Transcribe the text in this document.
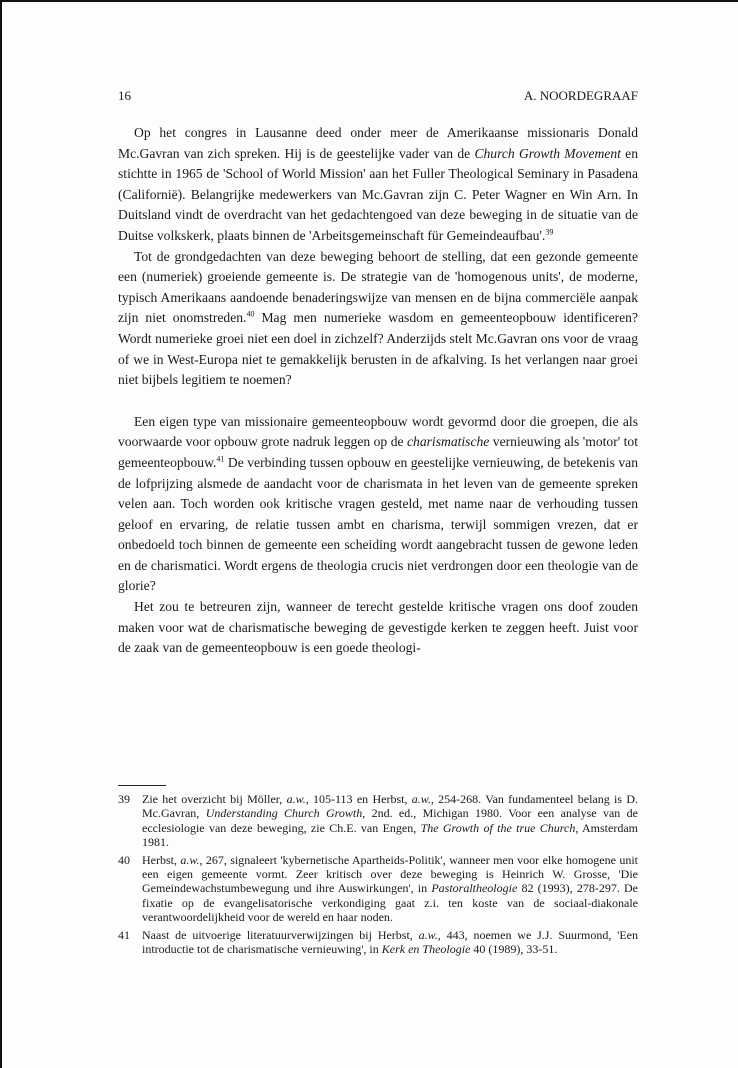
16	A. NOORDEGRAAF

Op het congres in Lausanne deed onder meer de Amerikaanse missionaris Donald Mc.Gavran van zich spreken. Hij is de geestelijke vader van de Church Growth Movement en stichtte in 1965 de 'School of World Mission' aan het Fuller Theological Seminary in Pasadena (Californië). Belangrijke medewerkers van Mc.Gavran zijn C. Peter Wagner en Win Arn. In Duitsland vindt de overdracht van het gedachtengoed van deze beweging in de situatie van de Duitse volkskerk, plaats binnen de 'Arbeitsgemeinschaft für Gemeindeaufbau'.$^{39}$

Tot de grondgedachten van deze beweging behoort de stelling, dat een gezonde gemeente een (numeriek) groeiende gemeente is. De strategie van de 'homogenous units', de moderne, typisch Amerikaans aandoende benaderingswijze van mensen en de bijna commerciële aanpak zijn niet onomstreden.$^{40}$ Mag men numerieke wasdom en gemeenteopbouw identificeren? Wordt numerieke groei niet een doel in zichzelf? Anderzijds stelt Mc.Gavran ons voor de vraag of we in West-Europa niet te gemakkelijk berusten in de afkalving. Is het verlangen naar groei niet bijbels legitiem te noemen?

Een eigen type van missionaire gemeenteopbouw wordt gevormd door die groepen, die als voorwaarde voor opbouw grote nadruk leggen op de charismatische vernieuwing als 'motor' tot gemeenteopbouw.$^{41}$ De verbinding tussen opbouw en geestelijke vernieuwing, de betekenis van de lofprijzing alsmede de aandacht voor de charismata in het leven van de gemeente spreken velen aan. Toch worden ook kritische vragen gesteld, met name naar de verhouding tussen geloof en ervaring, de relatie tussen ambt en charisma, terwijl sommigen vrezen, dat er onbedoeld toch binnen de gemeente een scheiding wordt aangebracht tussen de gewone leden en de charismatici. Wordt ergens de theologia crucis niet verdrongen door een theologie van de glorie?

Het zou te betreuren zijn, wanneer de terecht gestelde kritische vragen ons doof zouden maken voor wat de charismatische beweging de gevestigde kerken te zeggen heeft. Juist voor de zaak van de gemeenteopbouw is een goede theologi-

39	Zie het overzicht bij Möller, a.w., 105-113 en Herbst, a.w., 254-268. Van fundamenteel belang is D. Mc.Gavran, Understanding Church Growth, 2nd. ed., Michigan 1980. Voor een analyse van de ecclesiologie van deze beweging, zie Ch.E. van Engen, The Growth of the true Church, Amsterdam 1981.
40	Herbst, a.w., 267, signaleert 'kybernetische Apartheids-Politik', wanneer men voor elke homogene unit een eigen gemeente vormt. Zeer kritisch over deze beweging is Heinrich W. Grosse, 'Die Gemeindewachstumbewegung und ihre Auswirkungen', in Pastoraltheologie 82 (1993), 278-297. De fixatie op de evangelisatorische verkondiging gaat z.i. ten koste van de sociaal-diakonale verantwoordelijkheid voor de wereld en haar noden.
41	Naast de uitvoerige literatuurverwijzingen bij Herbst, a.w., 443, noemen we J.J. Suurmond, 'Een introductie tot de charismatische vernieuwing', in Kerk en Theologie 40 (1989), 33-51.
